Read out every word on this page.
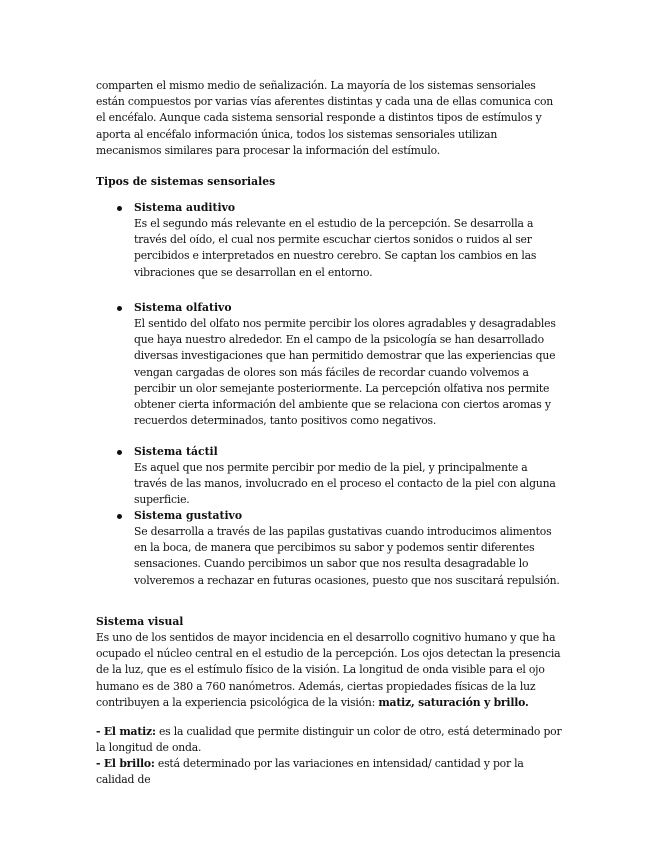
comparten el mismo medio de señalización. La mayoría de los sistemas sensoriales están compuestos por varias vías aferentes distintas y cada una de ellas comunica con el encéfalo. Aunque cada sistema sensorial responde a distintos tipos de estímulos y aporta al encéfalo información única, todos los sistemas sensoriales utilizan mecanismos similares para procesar la información del estímulo.
Tipos de sistemas sensoriales
Sistema auditivo
Es el segundo más relevante en el estudio de la percepción. Se desarrolla a través del oído, el cual nos permite escuchar ciertos sonidos o ruidos al ser percibidos e interpretados en nuestro cerebro. Se captan los cambios en las vibraciones que se desarrollan en el entorno.
Sistema olfativo
El sentido del olfato nos permite percibir los olores agradables y desagradables que haya nuestro alrededor. En el campo de la psicología se han desarrollado diversas investigaciones que han permitido demostrar que las experiencias que vengan cargadas de olores son más fáciles de recordar cuando volvemos a percibir un olor semejante posteriormente. La percepción olfativa nos permite obtener cierta información del ambiente que se relaciona con ciertos aromas y recuerdos determinados, tanto positivos como negativos.
Sistema táctil
Es aquel que nos permite percibir por medio de la piel, y principalmente a través de las manos, involucrado en el proceso el contacto de la piel con alguna superficie.
Sistema gustativo
Se desarrolla a través de las papilas gustativas cuando introducimos alimentos en la boca, de manera que percibimos su sabor y podemos sentir diferentes sensaciones. Cuando percibimos un sabor que nos resulta desagradable lo volveremos a rechazar en futuras ocasiones, puesto que nos suscitará repulsión.
Sistema visual
Es uno de los sentidos de mayor incidencia en el desarrollo cognitivo humano y que ha ocupado el núcleo central en el estudio de la percepción. Los ojos detectan la presencia de la luz, que es el estímulo físico de la visión. La longitud de onda visible para el ojo humano es de 380 a 760 nanómetros. Además, ciertas propiedades físicas de la luz contribuyen a la experiencia psicológica de la visión: matiz, saturación y brillo.
- El matiz: es la cualidad que permite distinguir un color de otro, está determinado por la longitud de onda.
- El brillo: está determinado por las variaciones en intensidad/ cantidad y por la calidad de
